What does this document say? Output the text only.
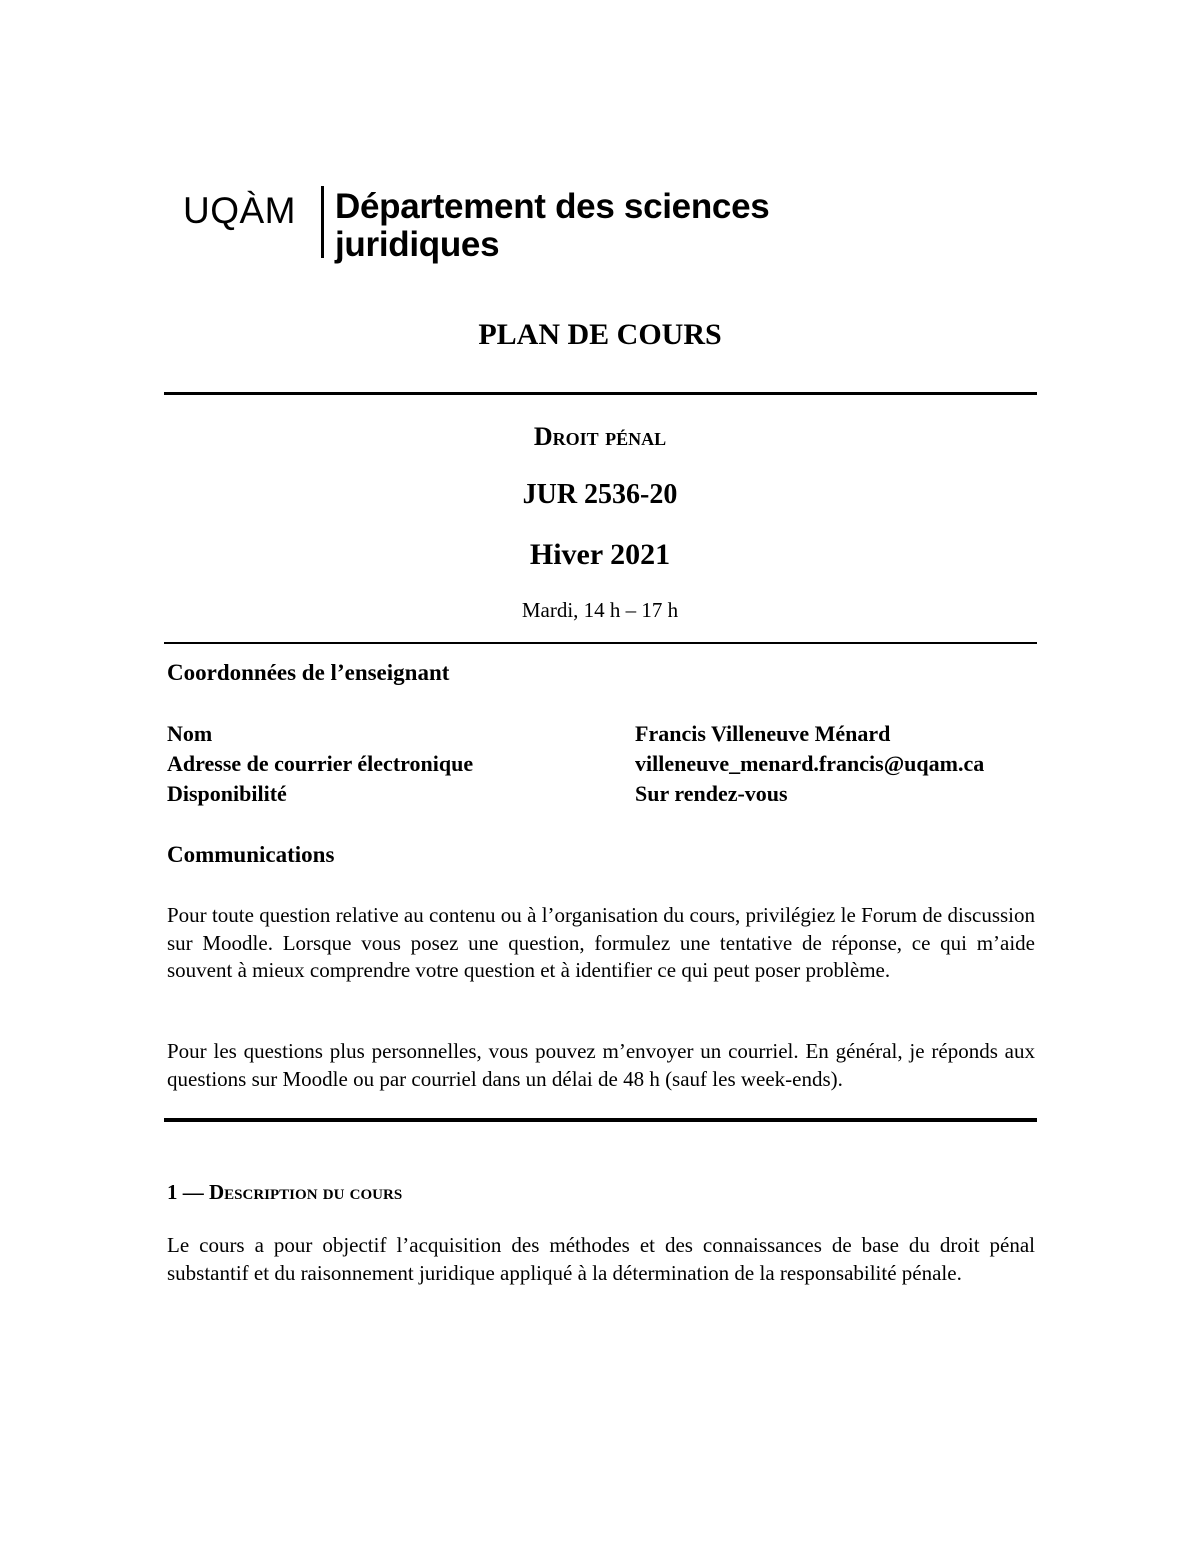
UQÀM Département des sciences
juridiques
PLAN DE COURS
Droit pénal
JUR 2536-20
Hiver 2021
Mardi, 14 h – 17 h
Coordonnées de l’enseignant
Nom	Francis Villeneuve Ménard
Adresse de courrier électronique	villeneuve_menard.francis@uqam.ca
Disponibilité	Sur rendez-vous
Communications
Pour toute question relative au contenu ou à l’organisation du cours, privilégiez le Forum de discussion sur Moodle. Lorsque vous posez une question, formulez une tentative de réponse, ce qui m’aide souvent à mieux comprendre votre question et à identifier ce qui peut poser problème.
Pour les questions plus personnelles, vous pouvez m’envoyer un courriel. En général, je réponds aux questions sur Moodle ou par courriel dans un délai de 48 h (sauf les week-ends).
1 — Description du cours
Le cours a pour objectif l’acquisition des méthodes et des connaissances de base du droit pénal substantif et du raisonnement juridique appliqué à la détermination de la responsabilité pénale.
